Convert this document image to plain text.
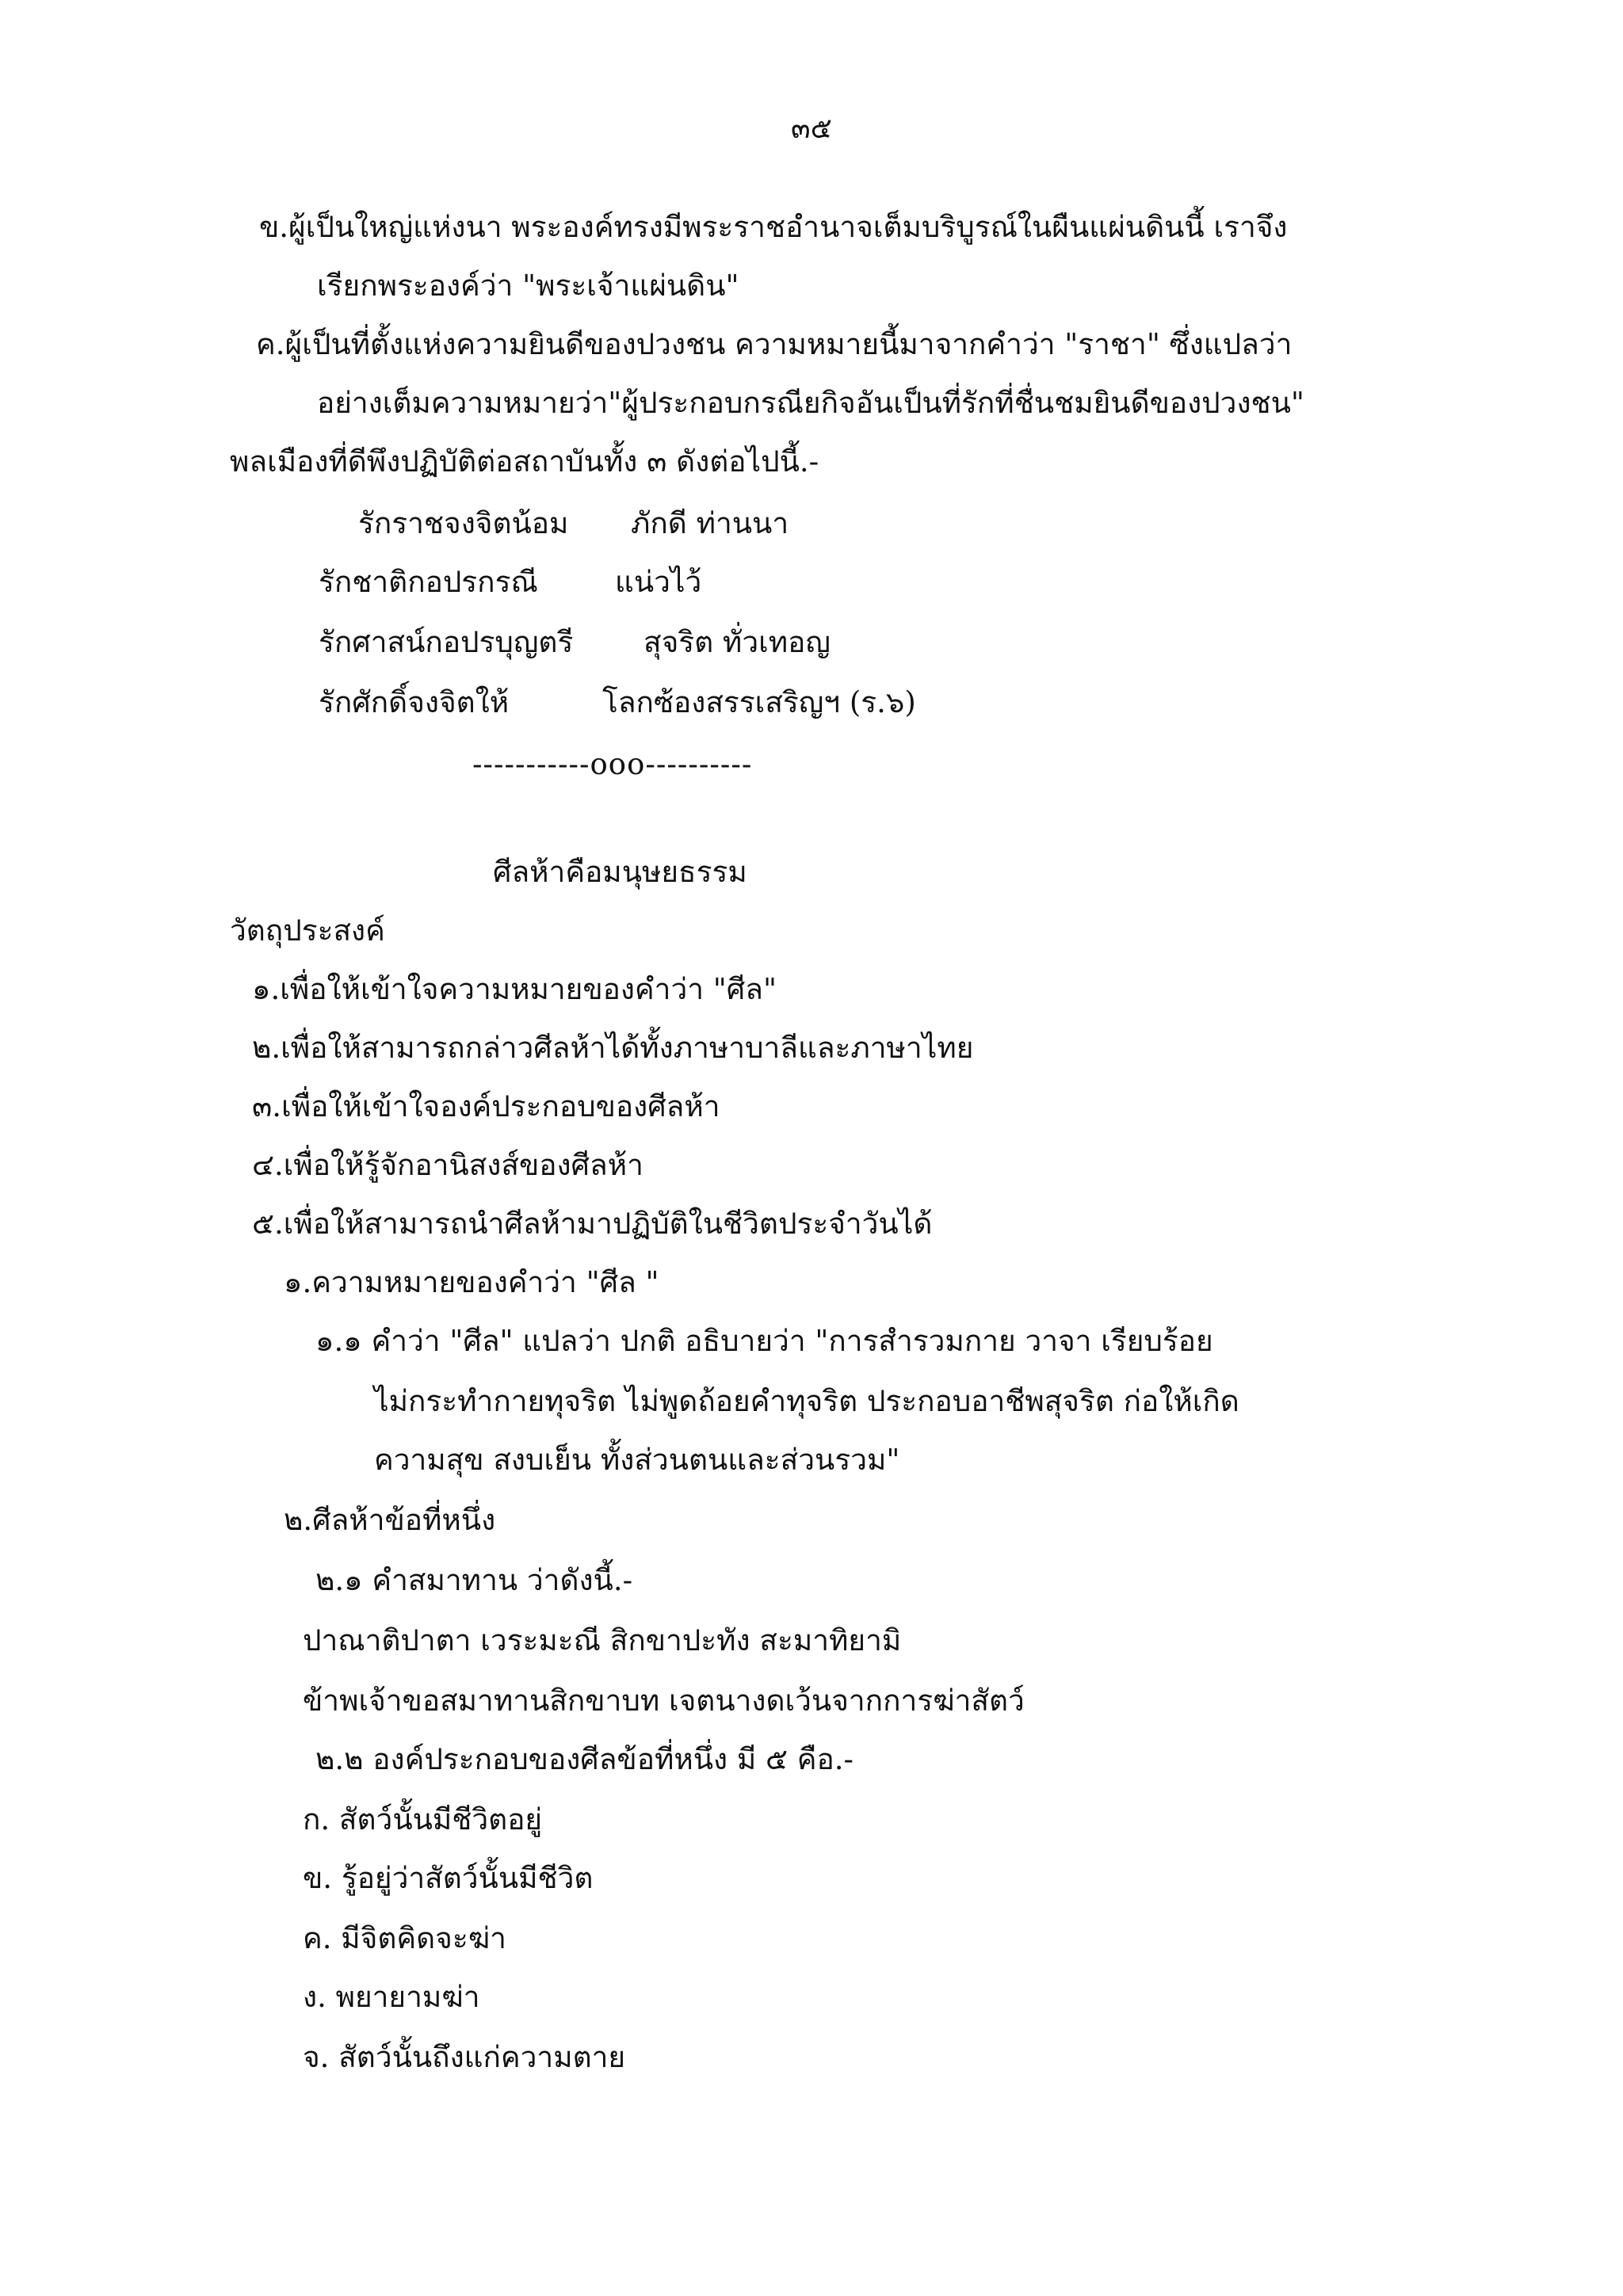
๓๕
ข.ผู้เป็นใหญ่แห่งนา พระองค์ทรงมีพระราชอำนาจเต็มบริบูรณ์ในผืนแผ่นดินนี้ เราจึง
เรียกพระองค์ว่า "พระเจ้าแผ่นดิน"
ค.ผู้เป็นที่ตั้งแห่งความยินดีของปวงชน ความหมายนี้มาจากคำว่า "ราชา" ซึ่งแปลว่า
อย่างเต็มความหมายว่า"ผู้ประกอบกรณียกิจอันเป็นที่รักที่ชื่นชมยินดีของปวงชน"
พลเมืองที่ดีพึงปฏิบัติต่อสถาบันทั้ง ๓ ดังต่อไปนี้.-
รักราชจงจิตน้อม ภักดี ท่านนา
รักชาติกอปรกรณี	แน่วไว้
รักศาสน์กอปรบุญตรี สุจริต ทั่วเทอญ
รักศักดิ์จงจิตให้	โลกซ้องสรรเสริญฯ (ร.๖)
-----------ooo----------
ศีลห้าคือมนุษยธรรม
วัตถุประสงค์
๑.เพื่อให้เข้าใจความหมายของคำว่า "ศีล"
๒.เพื่อให้สามารถกล่าวศีลห้าได้ทั้งภาษาบาลีและภาษาไทย
๓.เพื่อให้เข้าใจองค์ประกอบของศีลห้า
๔.เพื่อให้รู้จักอานิสงส์ของศีลห้า
๕.เพื่อให้สามารถนำศีลห้ามาปฏิบัติในชีวิตประจำวันได้
๑.ความหมายของคำว่า "ศีล "
๑.๑ คำว่า "ศีล" แปลว่า ปกติ อธิบายว่า "การสำรวมกาย วาจา เรียบร้อย
ไม่กระทำกายทุจริต ไม่พูดถ้อยคำทุจริต ประกอบอาชีพสุจริต ก่อให้เกิด
ความสุข สงบเย็น ทั้งส่วนตนและส่วนรวม"
๒.ศีลห้าข้อที่หนึ่ง
๒.๑ คำสมาทาน ว่าดังนี้.-
ปาณาติปาตา เวระมะณี สิกขาปะทัง สะมาทิยามิ
ข้าพเจ้าขอสมาทานสิกขาบท เจตนางดเว้นจากการฆ่าสัตว์
๒.๒ องค์ประกอบของศีลข้อที่หนึ่ง มี ๕ คือ.-
ก. สัตว์นั้นมีชีวิตอยู่
ข. รู้อยู่ว่าสัตว์นั้นมีชีวิต
ค. มีจิตคิดจะฆ่า
ง. พยายามฆ่า
จ. สัตว์นั้นถึงแก่ความตาย
